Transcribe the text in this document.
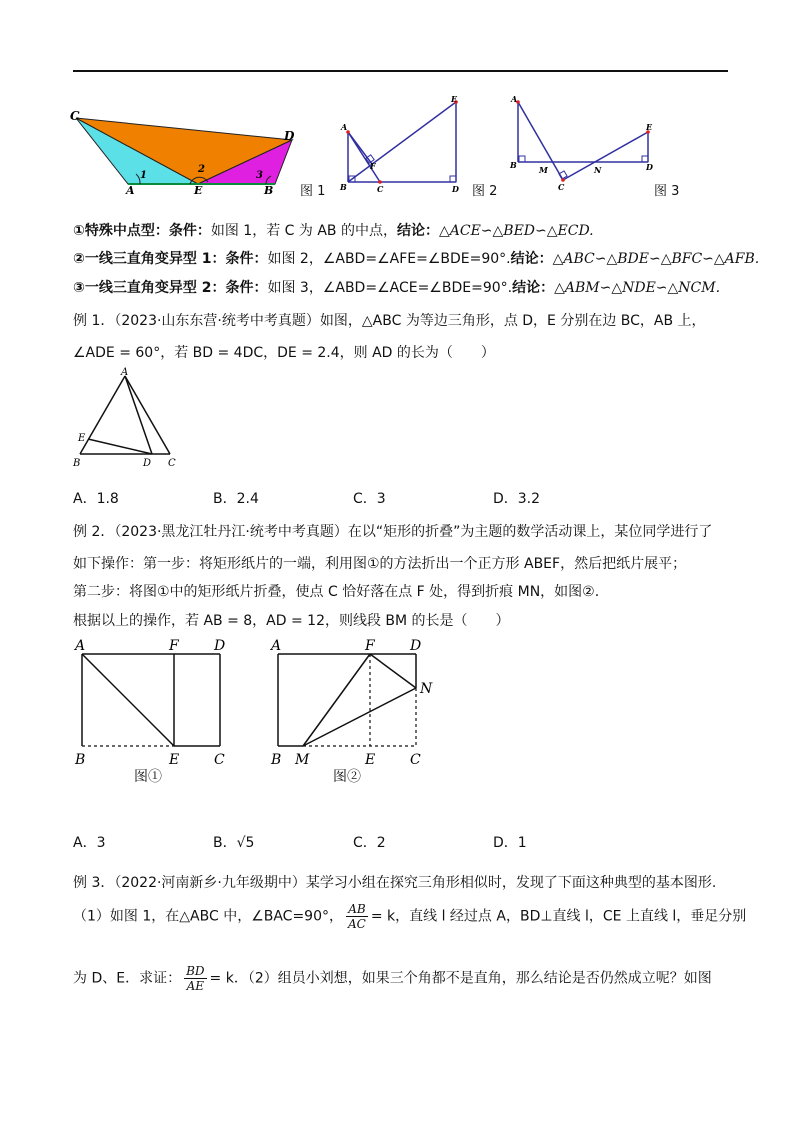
C
D
A	E	B
1
2
3
图 1
A
E
F
B	C	D 图 2
A
E
B	M
C
N	D
图 3
①特殊中点型：条件：如图 1，若 C 为 AB 的中点，结论：△ACE∽△BED∽△ECD.
②一线三直角变异型 1：条件：如图 2，∠ABD=∠AFE=∠BDE=90°.结论：△ABC∽△BDE∽△BFC∽△AFB.
③一线三直角变异型 2：条件：如图 3，∠ABD=∠ACE=∠BDE=90°.结论：△ABM∽△NDE∽△NCM.
例 1．（2023·山东东营·统考中考真题）如图，△ABC 为等边三角形，点 D，E 分别在边 BC，AB 上，
∠ADE = 60°，若 BD = 4DC，DE = 2.4，则 AD 的长为（　　）
A
E
B	D C
A．1.8	B．2.4	C．3	D．3.2
例 2．（2023·黑龙江牡丹江·统考中考真题）在以“矩形的折叠”为主题的数学活动课上，某位同学进行了
如下操作：第一步：将矩形纸片的一端，利用图①的方法折出一个正方形 ABEF，然后把纸片展平；
第二步：将图①中的矩形纸片折叠，使点 C 恰好落在点 F 处，得到折痕 MN，如图②.
根据以上的操作，若 AB = 8，AD = 12，则线段 BM 的长是（　　）
A	F	D
B	E C
图①
A	F	D
N
B M	E C
图②
A．3	B．√5	C．2	D．1
例 3．（2022·河南新乡·九年级期中）某学习小组在探究三角形相似时，发现了下面这种典型的基本图形.
（1）如图 1，在△ABC 中，∠BAC=90°， $\frac{AB}{AC} = k$，直线 l 经过点 A，BD⊥直线 l，CE 上直线 l，垂足分别
为 D、E．求证： $\frac{BD}{AE} = k$．（2）组员小刘想，如果三个角都不是直角，那么结论是否仍然成立呢？如图
